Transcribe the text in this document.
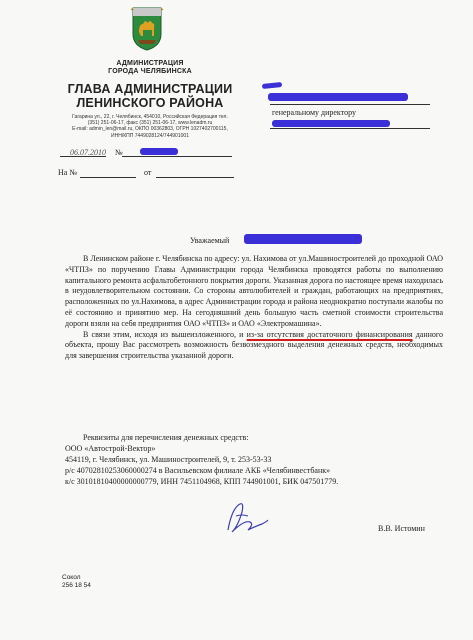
АДМИНИСТРАЦИЯ
ГОРОДА ЧЕЛЯБИНСКА
ГЛАВА АДМИНИСТРАЦИИ
ЛЕНИНСКОГО РАЙОНА
Гагарина ул., 22, г. Челябинск, 454010, Российская Федерация тел.
(351) 251-06-17, факс (351) 251-06-17, www.lenadm.ru
E-mail: admin_len@mail.ru, ОКПО 00362803, ОГРН 1027402700115,
ИНН/КПП 7449028124/744901001
генеральному директору
06.07.2010 №
На №	от
Уважаемый

В Ленинском районе г. Челябинска по адресу: ул. Нахимова от ул.Машиностроителей до проходной ОАО «ЧТПЗ» по поручению Главы Администрации города Челябинска проводятся работы по выполнению капитального ремонта асфальтобетонного покрытия дороги. Указанная дорога по настоящее время находилась в неудовлетворительном состоянии. Со стороны автолюбителей и граждан, работающих на предприятиях, расположенных по ул.Нахимова, в адрес Администрации города и района неоднократно поступали жалобы по её состоянию и принятию мер. На сегодняшний день большую часть сметной стоимости строительства дороги взяли на себя предприятия ОАО «ЧТПЗ» и ОАО «Электромашина».

В связи этим, исходя из вышеизложенного, и из-за отсутствия достаточного финансирования данного объекта, прошу Вас рассмотреть возможность безвозмездного выделения денежных средств, необходимых для завершения строительства указанной дороги.

Реквизиты для перечисления денежных средств:

ООО «Автострой-Вектор»

454119, г. Челябинск, ул. Машиностроителей, 9, т. 253-53-33

р/с 40702810253060000274 в Васильевском филиале АКБ «Челябинвестбанк»

к/с 30101810400000000779, ИНН 7451104968, КПП 744901001, БИК 047501779.

В.В. Истомин
Сокол
256 18 54
